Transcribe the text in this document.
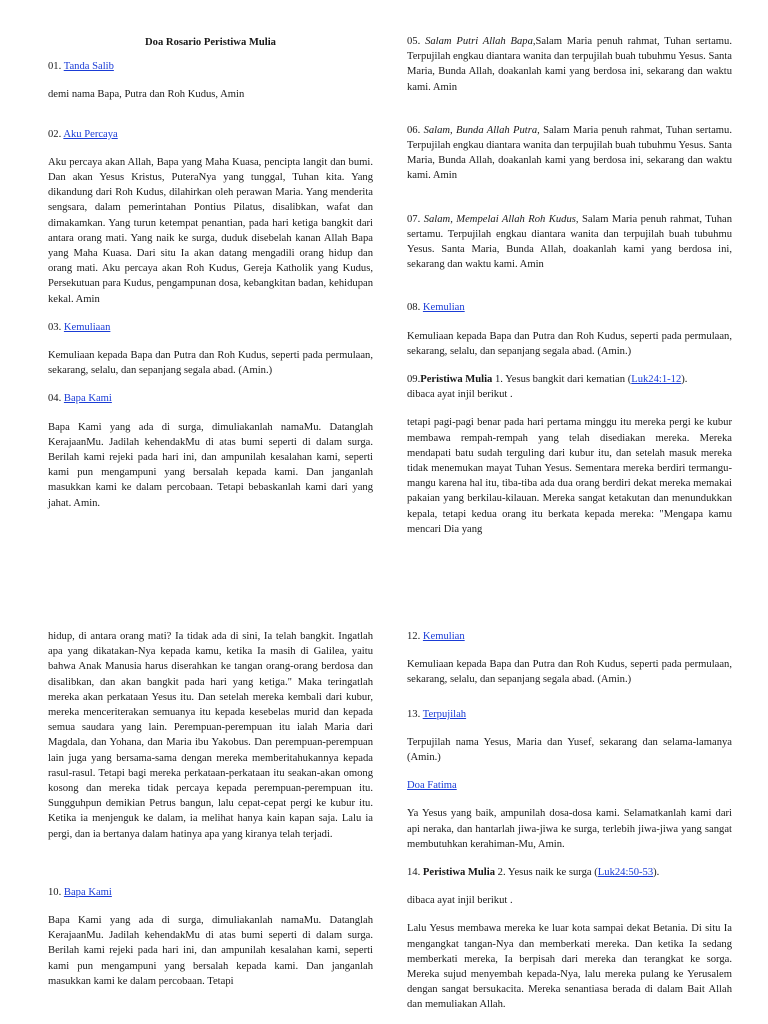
Doa Rosario Peristiwa Mulia

01. Tanda Salib

demi nama Bapa, Putra dan Roh Kudus, Amin

02. Aku Percaya

Aku percaya akan Allah, Bapa yang Maha Kuasa, pencipta langit dan bumi. Dan akan Yesus Kristus, PuteraNya yang tunggal, Tuhan kita. Yang dikandung dari Roh Kudus, dilahirkan oleh perawan Maria. Yang menderita sengsara, dalam pemerintahan Pontius Pilatus, disalibkan, wafat dan dimakamkan. Yang turun ketempat penantian, pada hari ketiga bangkit dari antara orang mati. Yang naik ke surga, duduk disebelah kanan Allah Bapa yang Maha Kuasa. Dari situ Ia akan datang mengadili orang hidup dan orang mati. Aku percaya akan Roh Kudus, Gereja Katholik yang Kudus, Persekutuan para Kudus, pengampunan dosa, kebangkitan badan, kehidupan kekal. Amin

03. Kemuliaan

Kemuliaan kepada Bapa dan Putra dan Roh Kudus, seperti pada permulaan, sekarang, selalu, dan sepanjang segala abad. (Amin.)

04. Bapa Kami

Bapa Kami yang ada di surga, dimuliakanlah namaMu. Datanglah KerajaanMu. Jadilah kehendakMu di atas bumi seperti di dalam surga. Berilah kami rejeki pada hari ini, dan ampunilah kesalahan kami, seperti kami pun mengampuni yang bersalah kepada kami. Dan janganlah masukkan kami ke dalam percobaan. Tetapi bebaskanlah kami dari yang jahat. Amin.

05. Salam Putri Allah Bapa,Salam Maria penuh rahmat, Tuhan sertamu. Terpujilah engkau diantara wanita dan terpujilah buah tubuhmu Yesus. Santa Maria, Bunda Allah, doakanlah kami yang berdosa ini, sekarang dan waktu kami. Amin

06. Salam, Bunda Allah Putra, Salam Maria penuh rahmat, Tuhan sertamu. Terpujilah engkau diantara wanita dan terpujilah buah tubuhmu Yesus. Santa Maria, Bunda Allah, doakanlah kami yang berdosa ini, sekarang dan waktu kami. Amin

07. Salam, Mempelai Allah Roh Kudus, Salam Maria penuh rahmat, Tuhan sertamu. Terpujilah engkau diantara wanita dan terpujilah buah tubuhmu Yesus. Santa Maria, Bunda Allah, doakanlah kami yang berdosa ini, sekarang dan waktu kami. Amin

08. Kemulian

Kemuliaan kepada Bapa dan Putra dan Roh Kudus, seperti pada permulaan, sekarang, selalu, dan sepanjang segala abad. (Amin.)

09.Peristiwa Mulia 1. Yesus bangkit dari kematian (Luk24:1-12).

dibaca ayat injil berikut .

tetapi pagi-pagi benar pada hari pertama minggu itu mereka pergi ke kubur membawa rempah-rempah yang telah disediakan mereka. Mereka mendapati batu sudah terguling dari kubur itu, dan setelah masuk mereka tidak menemukan mayat Tuhan Yesus. Sementara mereka berdiri termangu-mangu karena hal itu, tiba-tiba ada dua orang berdiri dekat mereka memakai pakaian yang berkilau-kilauan. Mereka sangat ketakutan dan menundukkan kepala, tetapi kedua orang itu berkata kepada mereka: "Mengapa kamu mencari Dia yang

hidup, di antara orang mati? Ia tidak ada di sini, Ia telah bangkit. Ingatlah apa yang dikatakan-Nya kepada kamu, ketika Ia masih di Galilea, yaitu bahwa Anak Manusia harus diserahkan ke tangan orang-orang berdosa dan disalibkan, dan akan bangkit pada hari yang ketiga." Maka teringatlah mereka akan perkataan Yesus itu. Dan setelah mereka kembali dari kubur, mereka menceriterakan semuanya itu kepada kesebelas murid dan kepada semua saudara yang lain. Perempuan-perempuan itu ialah Maria dari Magdala, dan Yohana, dan Maria ibu Yakobus. Dan perempuan-perempuan lain juga yang bersama-sama dengan mereka memberitahukannya kepada rasul-rasul. Tetapi bagi mereka perkataan-perkataan itu seakan-akan omong kosong dan mereka tidak percaya kepada perempuan-perempuan itu. Sungguhpun demikian Petrus bangun, lalu cepat-cepat pergi ke kubur itu. Ketika ia menjenguk ke dalam, ia melihat hanya kain kapan saja. Lalu ia pergi, dan ia bertanya dalam hatinya apa yang kiranya telah terjadi.

10. Bapa Kami

Bapa Kami yang ada di surga, dimuliakanlah namaMu. Datanglah KerajaanMu. Jadilah kehendakMu di atas bumi seperti di dalam surga. Berilah kami rejeki pada hari ini, dan ampunilah kesalahan kami, seperti kami pun mengampuni yang bersalah kepada kami. Dan janganlah masukkan kami ke dalam percobaan. Tetapi

12. Kemulian

Kemuliaan kepada Bapa dan Putra dan Roh Kudus, seperti pada permulaan, sekarang, selalu, dan sepanjang segala abad. (Amin.)

13. Terpujilah

Terpujilah nama Yesus, Maria dan Yusef, sekarang dan selama-lamanya (Amin.)

Doa Fatima

Ya Yesus yang baik, ampunilah dosa-dosa kami. Selamatkanlah kami dari api neraka, dan hantarlah jiwa-jiwa ke surga, terlebih jiwa-jiwa yang sangat membutuhkan kerahiman-Mu, Amin.

14. Peristiwa Mulia 2. Yesus naik ke surga (Luk24:50-53).

dibaca ayat injil berikut .

Lalu Yesus membawa mereka ke luar kota sampai dekat Betania. Di situ Ia mengangkat tangan-Nya dan memberkati mereka. Dan ketika Ia sedang memberkati mereka, Ia berpisah dari mereka dan terangkat ke sorga. Mereka sujud menyembah kepada-Nya, lalu mereka pulang ke Yerusalem dengan sangat bersukacita. Mereka senantiasa berada di dalam Bait Allah dan memuliakan Allah.
